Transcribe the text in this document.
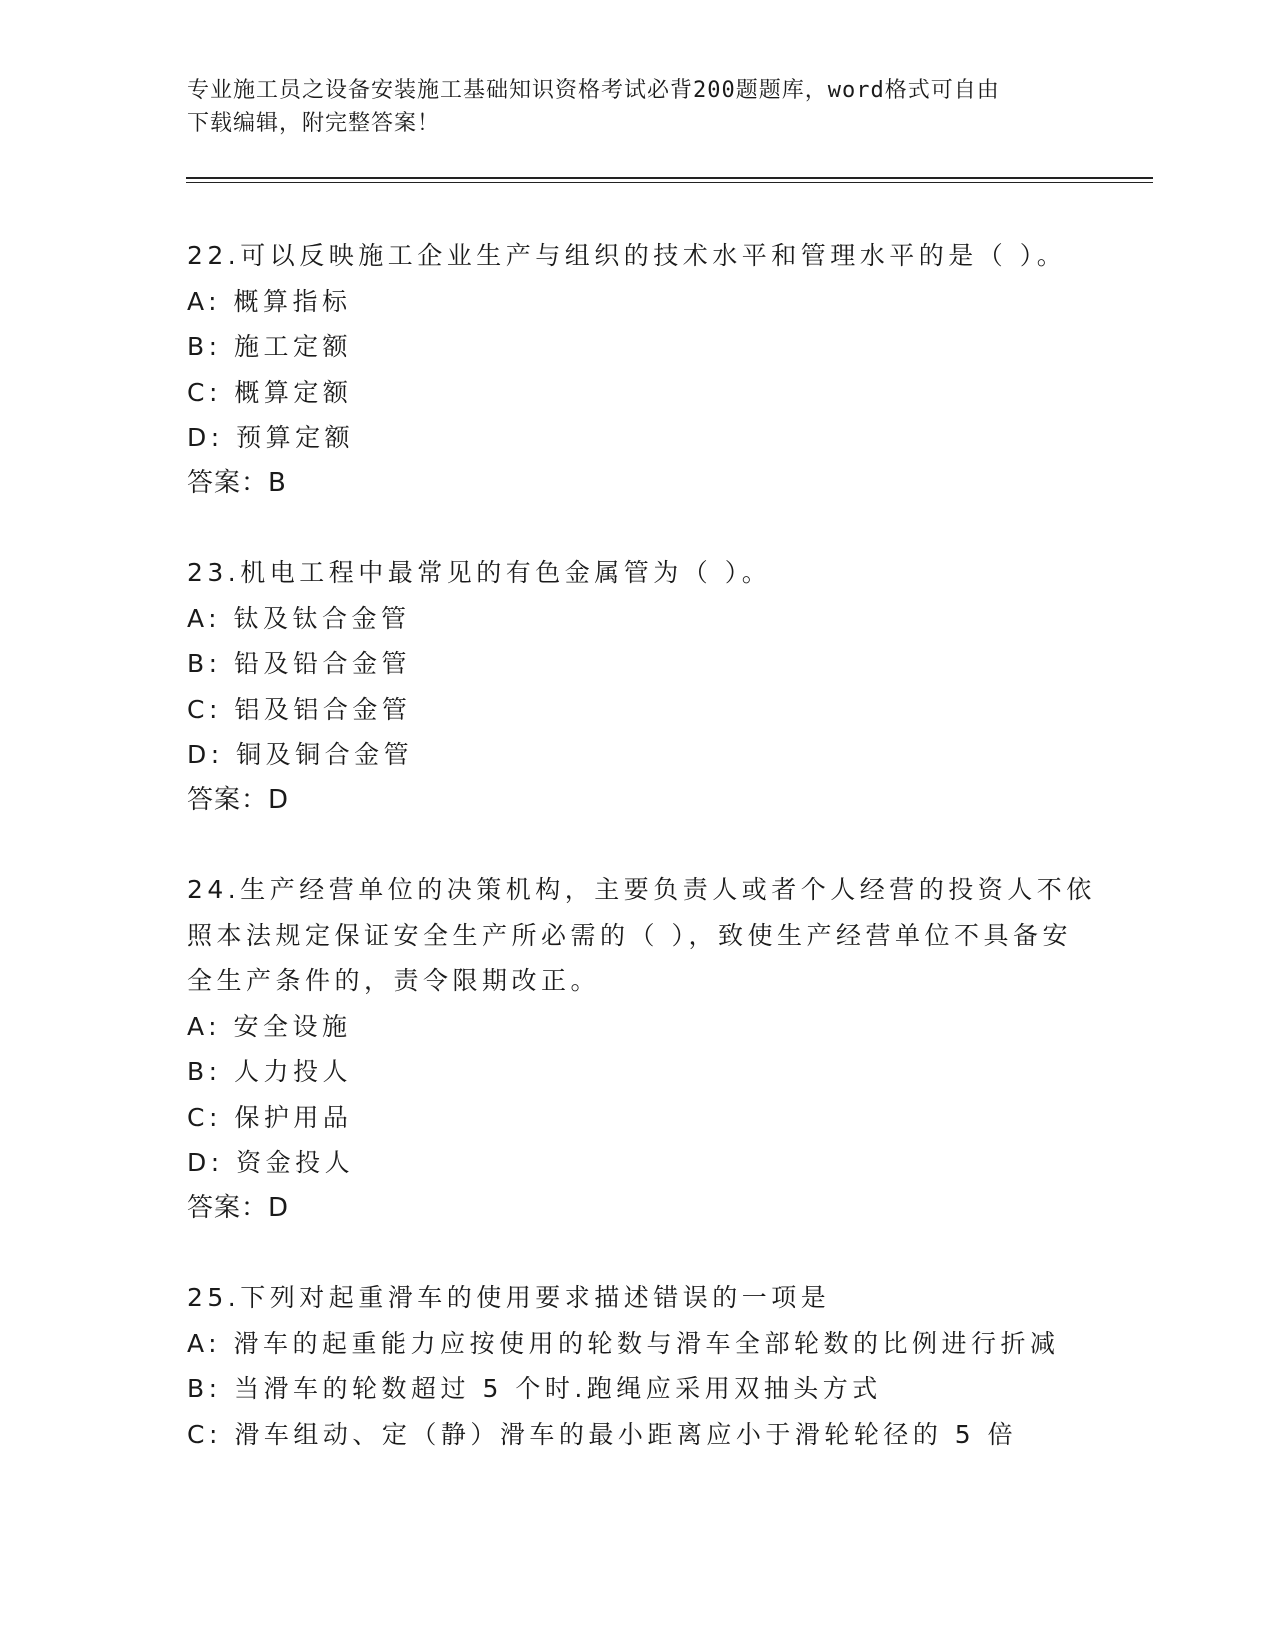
专业施工员之设备安装施工基础知识资格考试必背200题题库，word格式可自由
下载编辑，附完整答案！
22.可以反映施工企业生产与组织的技术水平和管理水平的是（ ）。
A: 概算指标
B: 施工定额
C: 概算定额
D: 预算定额
答案：B
23.机电工程中最常见的有色金属管为（ ）。
A: 钛及钛合金管
B: 铅及铅合金管
C: 铝及铝合金管
D: 铜及铜合金管
答案：D
24.生产经营单位的决策机构，主要负责人或者个人经营的投资人不依
照本法规定保证安全生产所必需的（ ），致使生产经营单位不具备安
全生产条件的，责令限期改正。
A: 安全设施
B: 人力投人
C: 保护用品
D: 资金投人
答案：D
25.下列对起重滑车的使用要求描述错误的一项是
A: 滑车的起重能力应按使用的轮数与滑车全部轮数的比例进行折减
B: 当滑车的轮数超过 5 个时.跑绳应采用双抽头方式
C: 滑车组动、定（静）滑车的最小距离应小于滑轮轮径的 5 倍
